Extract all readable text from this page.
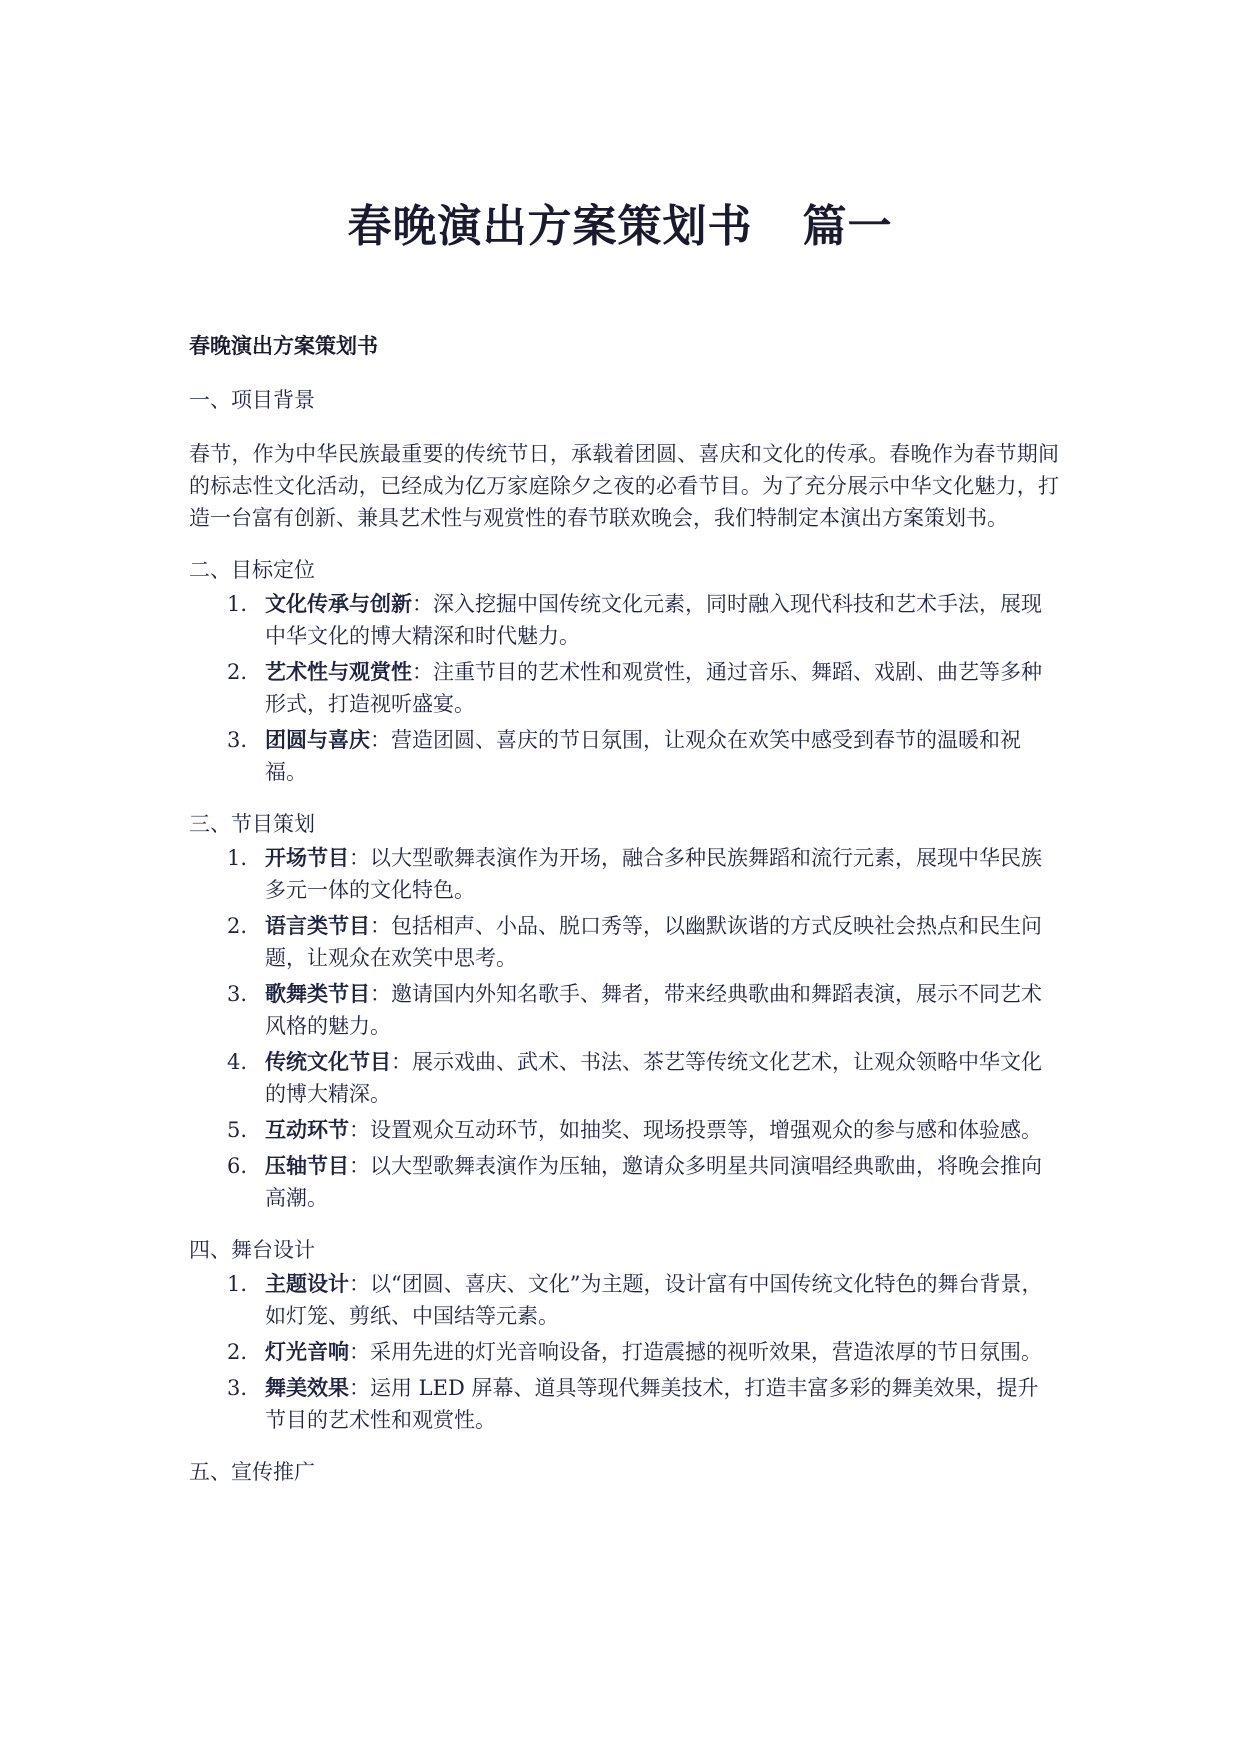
春晚演出方案策划书 篇一

春晚演出方案策划书

一、项目背景

春节，作为中华民族最重要的传统节日，承载着团圆、喜庆和文化的传承。春晚作为春节期间的标志性文化活动，已经成为亿万家庭除夕之夜的必看节目。为了充分展示中华文化魅力，打造一台富有创新、兼具艺术性与观赏性的春节联欢晚会，我们特制定本演出方案策划书。

二、目标定位

1. 文化传承与创新：深入挖掘中国传统文化元素，同时融入现代科技和艺术手法，展现中华文化的博大精深和时代魅力。
2. 艺术性与观赏性：注重节目的艺术性和观赏性，通过音乐、舞蹈、戏剧、曲艺等多种形式，打造视听盛宴。
3. 团圆与喜庆：营造团圆、喜庆的节日氛围，让观众在欢笑中感受到春节的温暖和祝福。

三、节目策划

1. 开场节目：以大型歌舞表演作为开场，融合多种民族舞蹈和流行元素，展现中华民族多元一体的文化特色。
2. 语言类节目：包括相声、小品、脱口秀等，以幽默诙谐的方式反映社会热点和民生问题，让观众在欢笑中思考。
3. 歌舞类节目：邀请国内外知名歌手、舞者，带来经典歌曲和舞蹈表演，展示不同艺术风格的魅力。
4. 传统文化节目：展示戏曲、武术、书法、茶艺等传统文化艺术，让观众领略中华文化的博大精深。
5. 互动环节：设置观众互动环节，如抽奖、现场投票等，增强观众的参与感和体验感。
6. 压轴节目：以大型歌舞表演作为压轴，邀请众多明星共同演唱经典歌曲，将晚会推向高潮。

四、舞台设计

1. 主题设计：以“团圆、喜庆、文化”为主题，设计富有中国传统文化特色的舞台背景，如灯笼、剪纸、中国结等元素。
2. 灯光音响：采用先进的灯光音响设备，打造震撼的视听效果，营造浓厚的节日氛围。
3. 舞美效果：运用 LED 屏幕、道具等现代舞美技术，打造丰富多彩的舞美效果，提升节目的艺术性和观赏性。

五、宣传推广
